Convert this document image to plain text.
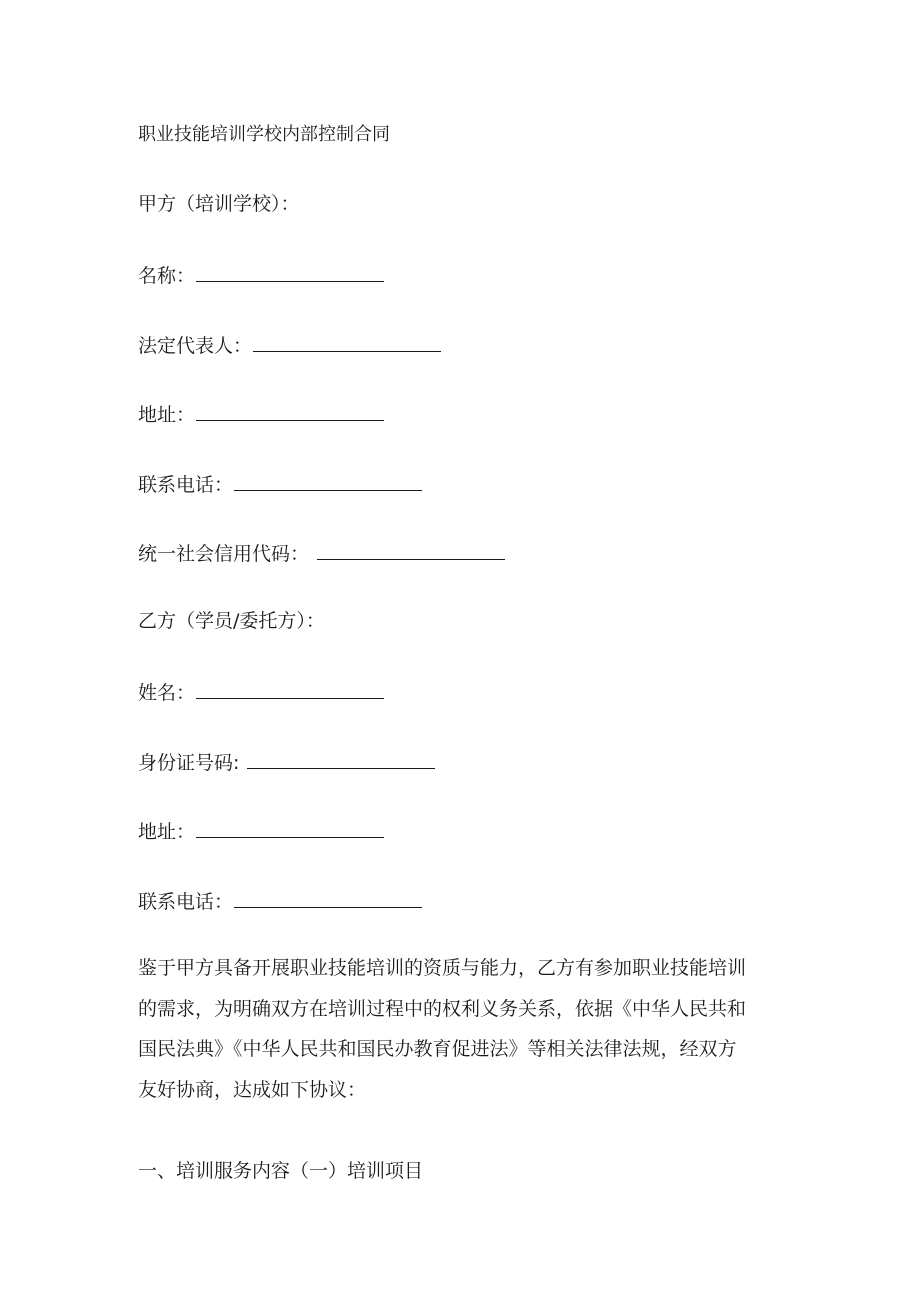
职业技能培训学校内部控制合同
甲方（培训学校）：
名称：
法定代表人：
地址：
联系电话：
统一社会信用代码：
乙方（学员/委托方）：
姓名：
身份证号码:
地址：
联系电话：
鉴于甲方具备开展职业技能培训的资质与能力，乙方有参加职业技能培训
的需求，为明确双方在培训过程中的权利义务关系，依据《中华人民共和
国民法典》《中华人民共和国民办教育促进法》等相关法律法规，经双方
友好协商，达成如下协议：
一、培训服务内容（一）培训项目
